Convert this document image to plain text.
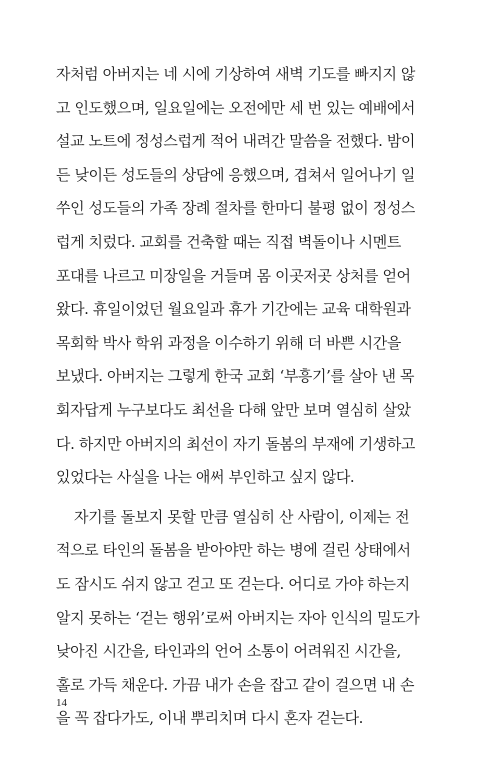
자처럼 아버지는 네 시에 기상하여 새벽 기도를 빠지지 않
고 인도했으며, 일요일에는 오전에만 세 번 있는 예배에서
설교 노트에 정성스럽게 적어 내려간 말씀을 전했다. 밤이
든 낮이든 성도들의 상담에 응했으며, 겹쳐서 일어나기 일
쑤인 성도들의 가족 장례 절차를 한마디 불평 없이 정성스
럽게 치렀다. 교회를 건축할 때는 직접 벽돌이나 시멘트
포대를 나르고 미장일을 거들며 몸 이곳저곳 상처를 얻어
왔다. 휴일이었던 월요일과 휴가 기간에는 교육 대학원과
목회학 박사 학위 과정을 이수하기 위해 더 바쁜 시간을
보냈다. 아버지는 그렇게 한국 교회 ‘부흥기’를 살아 낸 목
회자답게 누구보다도 최선을 다해 앞만 보며 열심히 살았
다. 하지만 아버지의 최선이 자기 돌봄의 부재에 기생하고
있었다는 사실을 나는 애써 부인하고 싶지 않다.
자기를 돌보지 못할 만큼 열심히 산 사람이, 이제는 전
적으로 타인의 돌봄을 받아야만 하는 병에 걸린 상태에서
도 잠시도 쉬지 않고 걷고 또 걷는다. 어디로 가야 하는지
알지 못하는 ‘걷는 행위’로써 아버지는 자아 인식의 밀도가
낮아진 시간을, 타인과의 언어 소통이 어려워진 시간을,
홀로 가득 채운다. 가끔 내가 손을 잡고 같이 걸으면 내 손
을 꼭 잡다가도, 이내 뿌리치며 다시 혼자 걷는다.
14
